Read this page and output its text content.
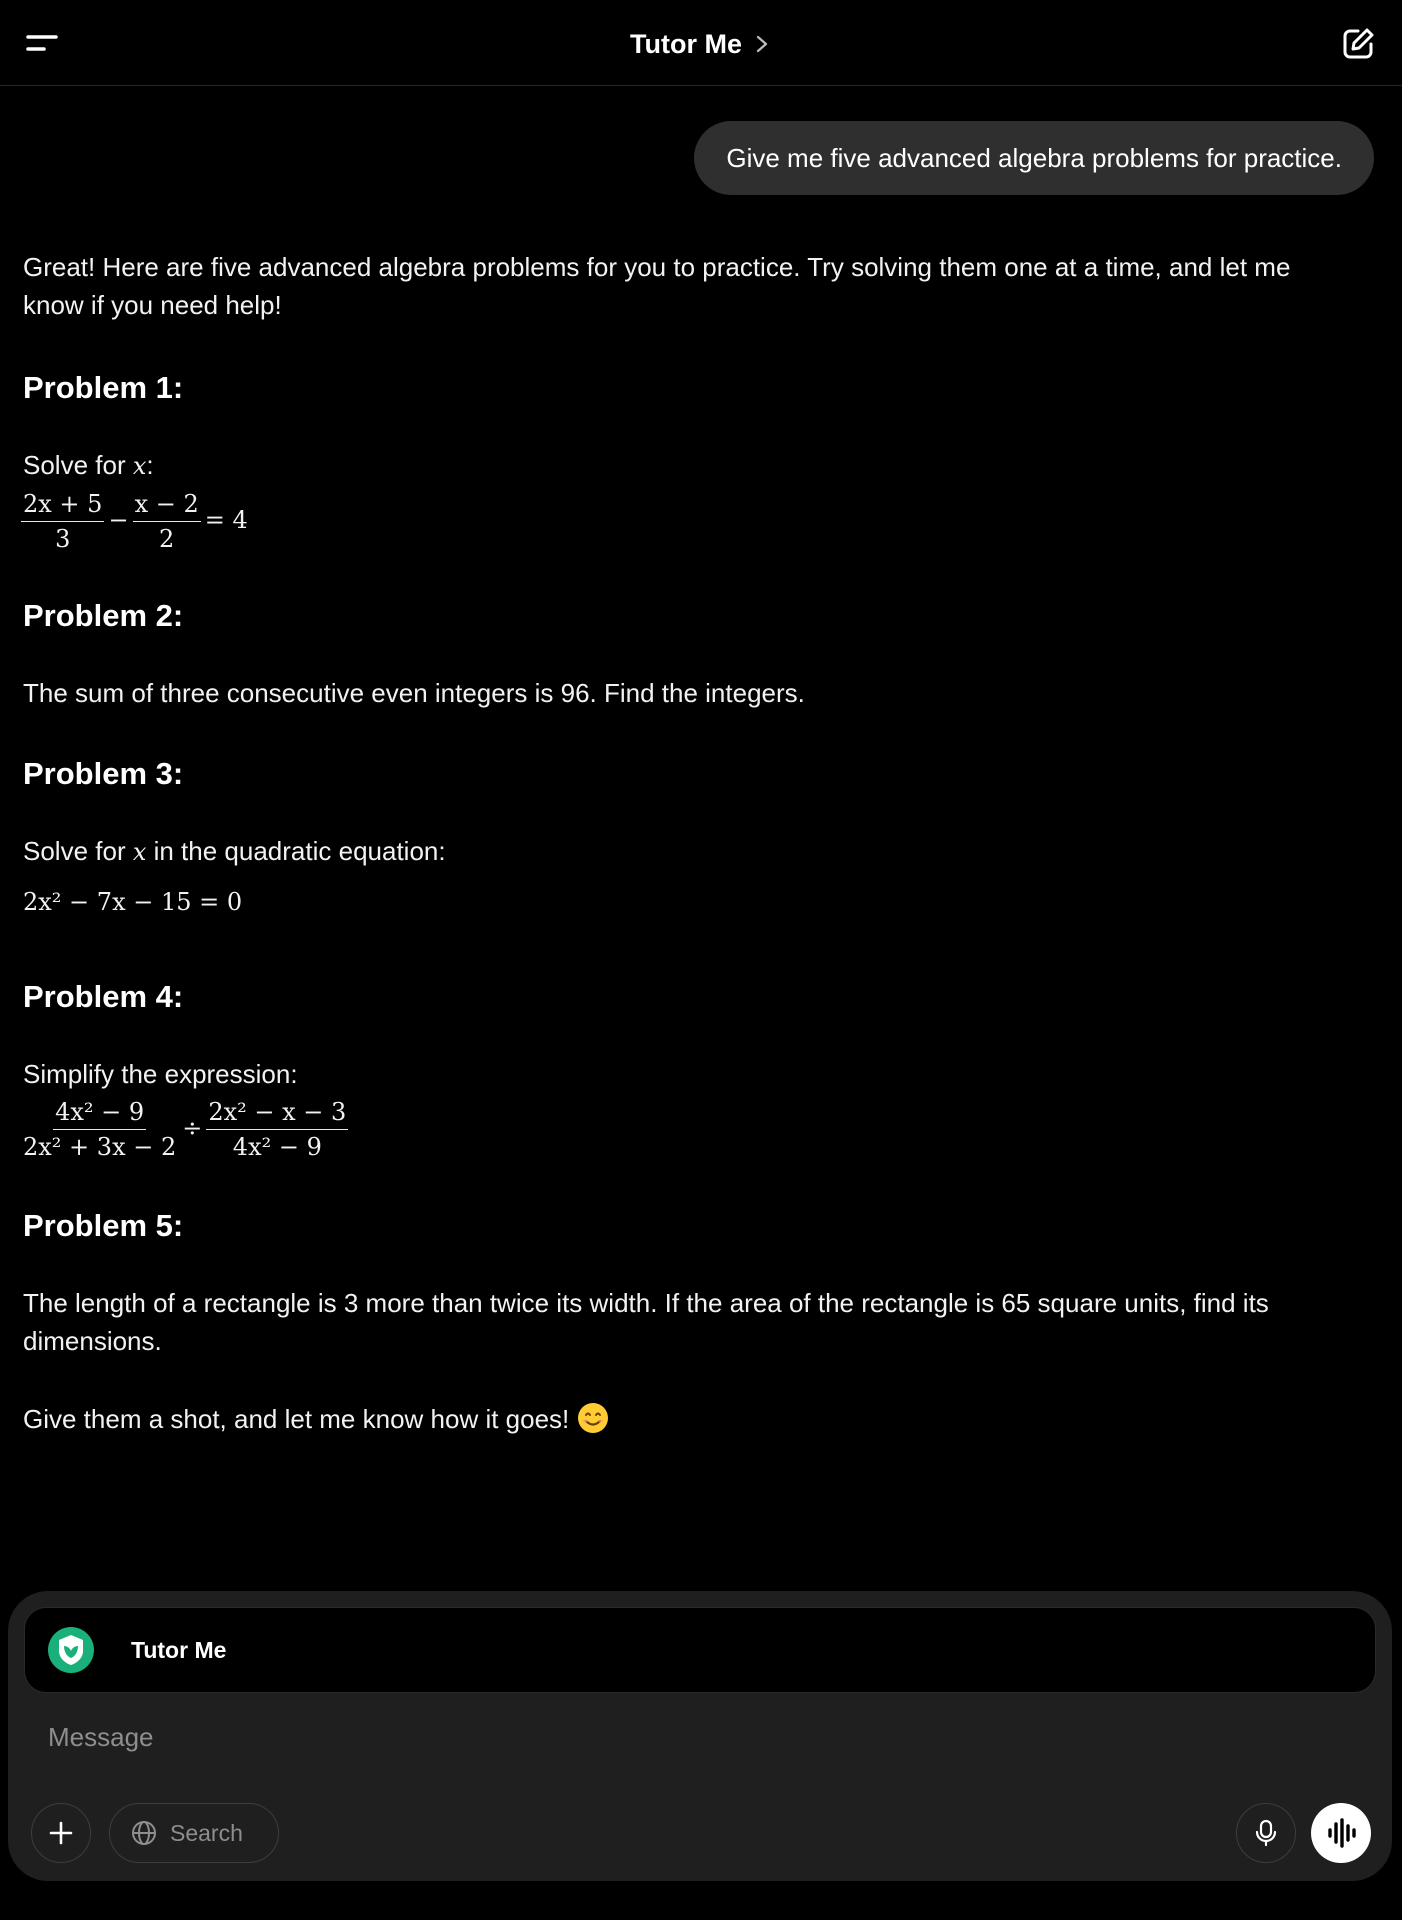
Tutor Me
Give me five advanced algebra problems for practice.

Great! Here are five advanced algebra problems for you to practice. Try solving them one at a time, and let me know if you need help!

Problem 1:

Solve for x:

$\frac{2x + 5}{3} - \frac{x - 2}{2} = 4$

Problem 2:

The sum of three consecutive even integers is 96. Find the integers.

Problem 3:

Solve for x in the quadratic equation:

2x² − 7x − 15 = 0

Problem 4:

Simplify the expression:

$\frac{\text{4x² − 9}}{\text{2x² + 3x − 2}} \div \frac{\text{2x² − x − 3}}{\text{4x² − 9}}$

Problem 5:

The length of a rectangle is 3 more than twice its width. If the area of the rectangle is 65 square units, find its dimensions.

Give them a shot, and let me know how it goes!

Tutor Me
Message
Search
